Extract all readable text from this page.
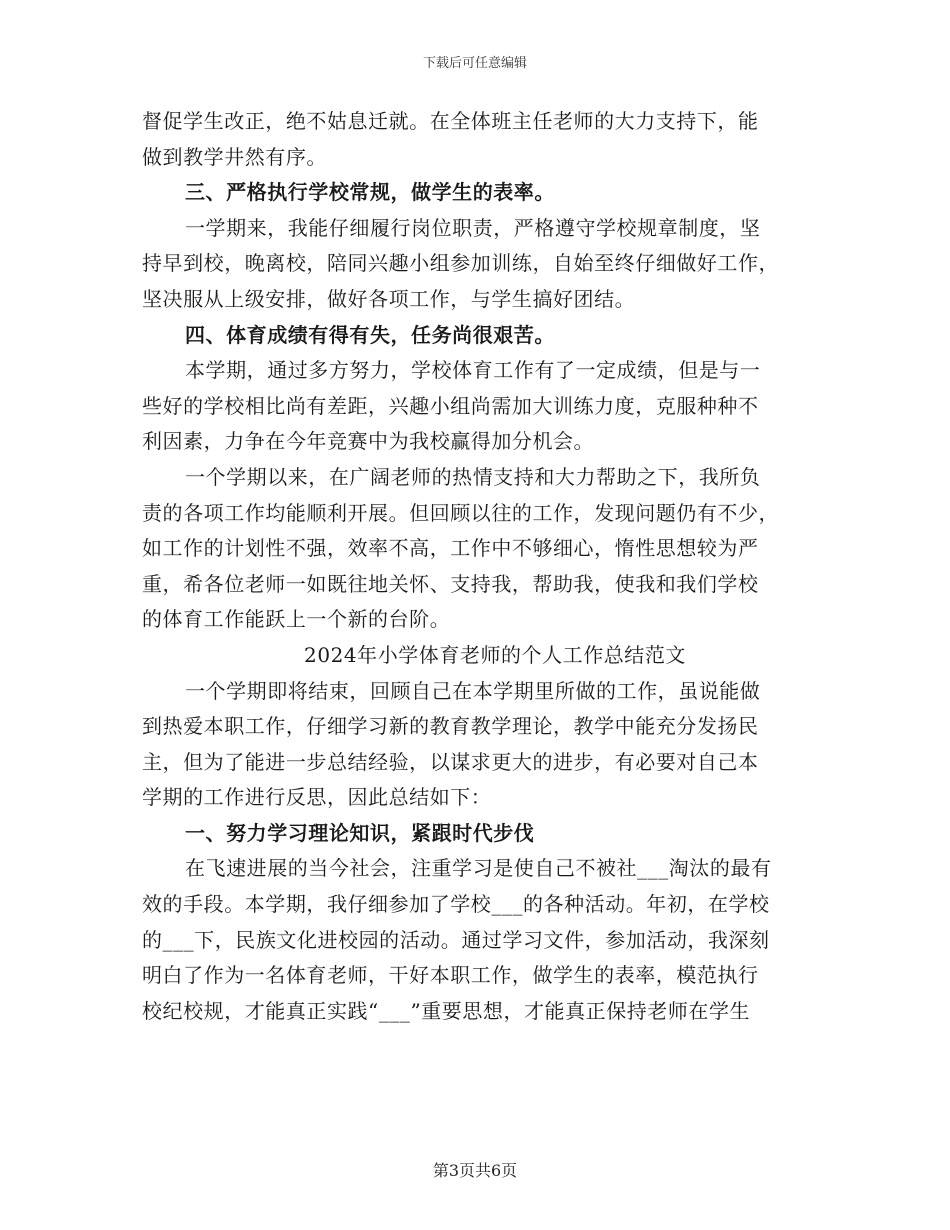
下载后可任意编辑
督促学生改正，绝不姑息迁就。在全体班主任老师的大力支持下，能
做到教学井然有序。
三、严格执行学校常规，做学生的表率。
一学期来，我能仔细履行岗位职责，严格遵守学校规章制度，坚
持早到校，晚离校，陪同兴趣小组参加训练，自始至终仔细做好工作，
坚决服从上级安排，做好各项工作，与学生搞好团结。
四、体育成绩有得有失，任务尚很艰苦。
本学期，通过多方努力，学校体育工作有了一定成绩，但是与一
些好的学校相比尚有差距，兴趣小组尚需加大训练力度，克服种种不
利因素，力争在今年竞赛中为我校赢得加分机会。
一个学期以来，在广阔老师的热情支持和大力帮助之下，我所负
责的各项工作均能顺利开展。但回顾以往的工作，发现问题仍有不少，
如工作的计划性不强，效率不高，工作中不够细心，惰性思想较为严
重，希各位老师一如既往地关怀、支持我，帮助我，使我和我们学校
的体育工作能跃上一个新的台阶。
2024年小学体育老师的个人工作总结范文
一个学期即将结束，回顾自己在本学期里所做的工作，虽说能做
到热爱本职工作，仔细学习新的教育教学理论，教学中能充分发扬民
主，但为了能进一步总结经验，以谋求更大的进步，有必要对自己本
学期的工作进行反思，因此总结如下：
一、努力学习理论知识，紧跟时代步伐
在飞速进展的当今社会，注重学习是使自己不被社___淘汰的最有
效的手段。本学期，我仔细参加了学校___的各种活动。年初，在学校
的___下，民族文化进校园的活动。通过学习文件，参加活动，我深刻
明白了作为一名体育老师，干好本职工作，做学生的表率，模范执行
校纪校规，才能真正实践“___”重要思想，才能真正保持老师在学生
第3页共6页
